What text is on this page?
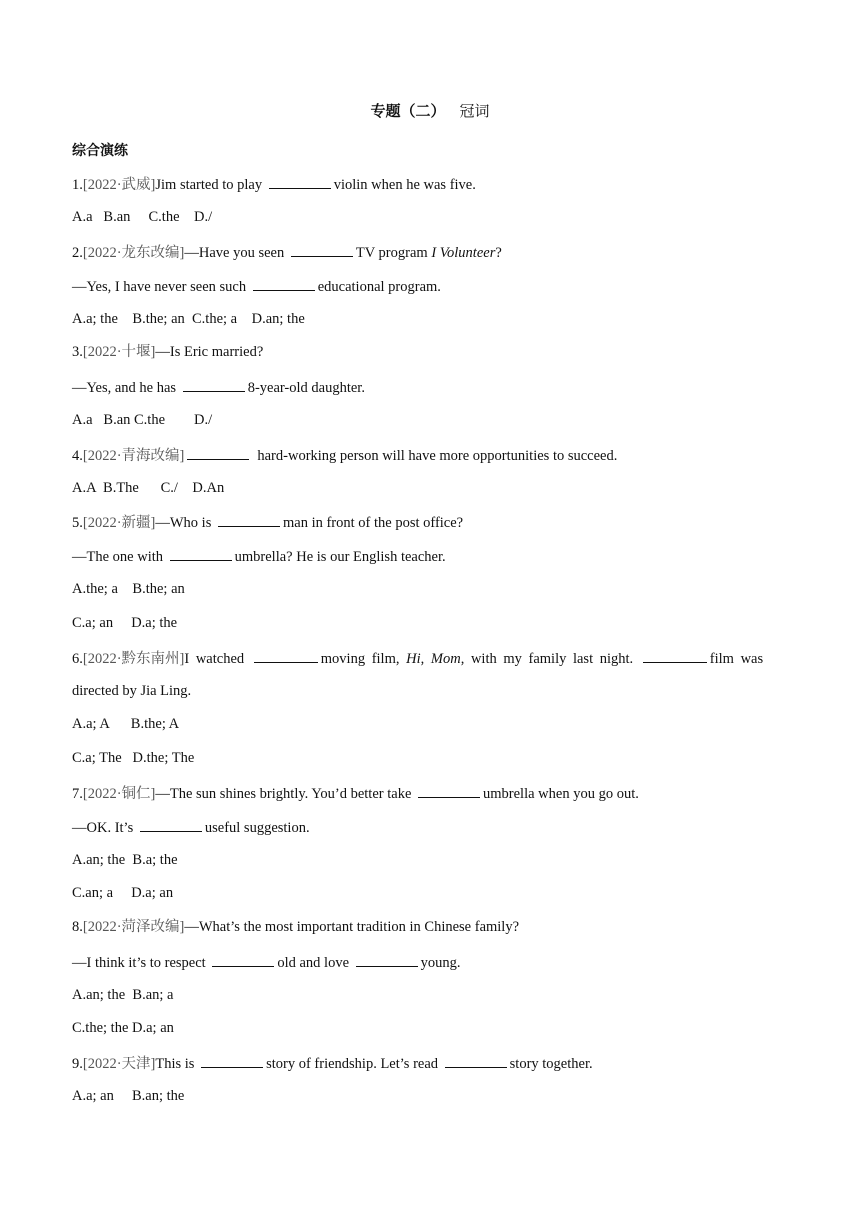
专题（二） 冠词
综合演练
1.[2022·武威]Jim started to play	violin when he was five.
A.a   B.an     C.the    D./
2.[2022·龙东改编]—Have you seen	TV program I Volunteer?
—Yes, I have never seen such	educational program.
A.a; the    B.the; an  C.the; a    D.an; the
3.[2022·十堰]—Is Eric married?
—Yes, and he has	8-year-old daughter.
A.a   B.an C.the        D./
4.[2022·青海改编]	hard-working person will have more opportunities to succeed.
A.A  B.The      C./    D.An
5.[2022·新疆]—Who is	man in front of the post office?
—The one with	umbrella? He is our English teacher.
A.the; a    B.the; an
C.a; an     D.a; the
6.[2022·黔东南州]I watched	moving film, Hi, Mom, with my family last night.	film was
directed by Jia Ling.
A.a; A      B.the; A
C.a; The   D.the; The
7.[2022·铜仁]—The sun shines brightly. You’d better take	umbrella when you go out.
—OK. It’s	useful suggestion.
A.an; the  B.a; the
C.an; a     D.a; an
8.[2022·菏泽改编]—What’s the most important tradition in Chinese family?
—I think it’s to respect	old and love	young.
A.an; the  B.an; a
C.the; the D.a; an
9.[2022·天津]This is	story of friendship. Let’s read	story together.
A.a; an     B.an; the
